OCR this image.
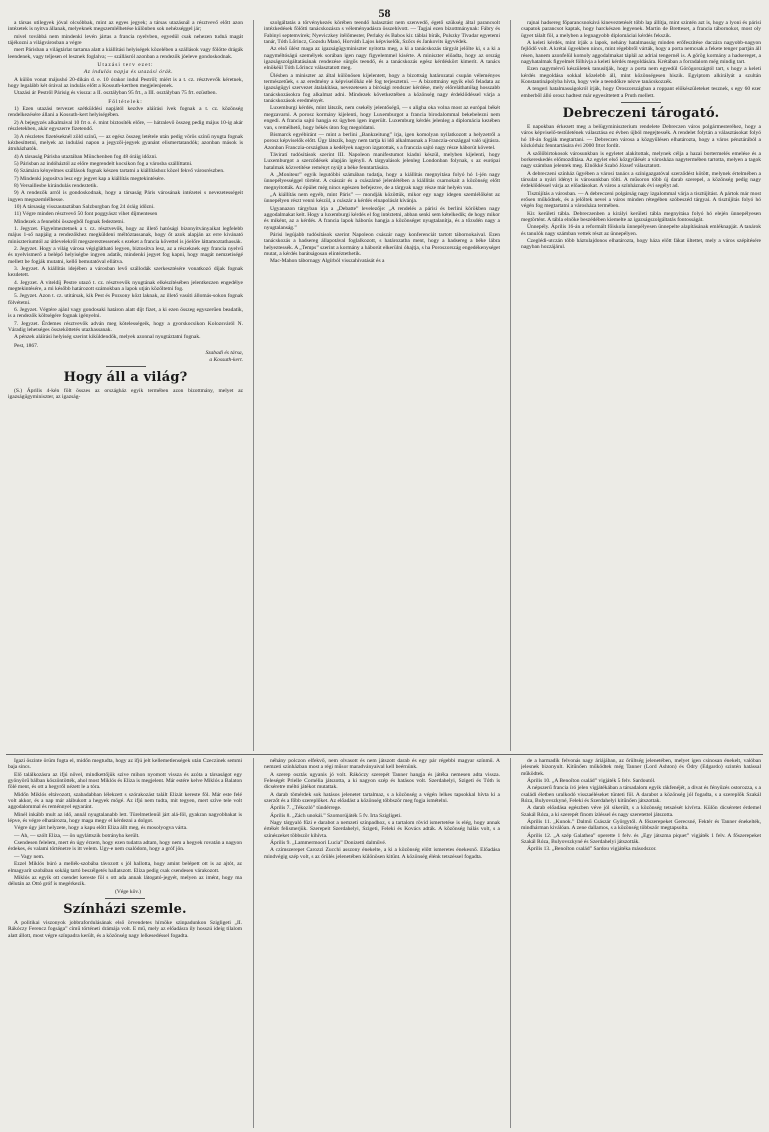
58

a társas utilegyek jóval olcsóbbak, mint az egyes jegyek; a társas utazásnál a résztvevő előtt azon intézetek is nyitva állanak, melyeknek megszemlélhetése különben sok nehézséggel jár;

mivel továbbá nem mindenki levén jártas a francia nyelvben, egyedül csak nehezen tudná magát tájékozni a világvárosban a végre

mert Párisban a világtárlat tartama alatt a kiállítási helyiségek közelében a szállások vagy fölötte drágák leendenek, vagy teljesen el lesznek foglalva; — szállásról azonban a rendezők jóeleve gondoskodnak.

Utazási terv ezet:

Az indulás napja és utazási órák.

A külön vonat májushó 20-dikán d. e. 10 órakor indul Pestről; miért is a t. cz. résztvevők kéretnek, hogy legalább két órával az indulás előtt a Kossuth-kertben megjelenjenek.

Utazási ár Pestről Párisig és vissza: a II. osztályban 95 frt., a III. osztályban 75 frt. ezüstben.

Föltételek:

1) Ezen utazási tervezet szétküldési napjától kezdve aláírási ívek fognak a t. cz. közönség rendelkezésére állani a Kossuth-kert helyiségében.

2) A bejegyzés alkalmával 10 frt o. é. mint biztosíték előre, — hátralevő összeg pedig május 10-ig akár részletekben, akár egyszerre fizetendő.

3) A részletes fizetéseknél zöld színű, — az egész összeg letétele után pedig vörös színű nyugta fognak kézbesíttetni, melyek az indulási napon a jegyzői-jegyek gyanánt elismertatandók; azonban mások is átruházhatók.

4) A társaság Párisba utaztában Münchenben fog 48 óráig időzni.

5) Párisban az indóháztól az előre megrendelt kocsikon fog a városba szállíttatni.

6) Számára kényelmes szállások fognak készen tartatni a kiállításhoz közel fekvő városrészben.

7) Mindenki jogosítva lesz egy jegyet kap a kiállítás megtekintésére.

8) Versaillesbe kirándulás rendeztetik.

9) A rendezők arról is gondoskodnak, hogy a társaság Páris városának intézetei s nevezetességeit ingyen megszemlélhesse.

10) A társaság visszautaztában Salzburgban fog 24 óráig időzni.

11) Végre minden résztvevő 50 font poggyászt vihet díjmentesen

Mindezek a fennebbi összegből fognak fedeztetni.

1. Jegyzet. Figyelmeztetnek a t. cz. résztvevők, hogy az illető hatósági bizonyítványaikat legfelebb május 1-ső napjáig a rendezőkhez megküldeni méltóztassanak, hogy őt azok alapján az erre kivánató miniszteriumtól az útlevelekről megszereztessenek s ezeket a francia követtel is jóelőre láttamoztathassák.

2. Jegyzet. Hogy a világ városa végiglátható legyen, biztosítva lesz, az a részeknek egy francia nyelvű és nyelvismerő a belépő helyiségbe ingyen adatik, mindenki jegyet fog kapni, hogy magát nemzetiségé mellett be fogják mutatni, kellő bemutatóval ellátva.

3. Jegyzet. A kiállítás idejében a városban levő szállodák szerkesztésére vonatkozó díjak fognak kezdetett.

4. Jegyzet. A viteldíj Pestre utazó t. cz. résztvevők nyugtának elkészítésében jelentkezzen engedélye megtekintésére, a mi később határozott számokban a lapok utján közöltetni fog.

5. Jegyzet. Azon t. cz. utitársak, kik Pest és Pozsony közt laknak, az illető vasúti állomás-sokon fognak fölvétetni.

6. Jegyzet. Végtére ajánl vagy gondosaki határon alatt díjt fizet, a ki ezen összeg egyszerűen beadatik, is a rendezők költségére fognak igényelni.

7. Jegyzet. Érdemes résztvevők adván meg kötelességeik, hogy a gyorskocsikon Kolozsváról N. Váradig lehetséges összeköttetés utazhassanak.

A pénzek aláírási helyiség szerint kiküldendők, melyek azonnal nyugtáztatni fognak.

Pest, 1867.

Szabadi és társa,

a Kossuth-kert.

Hogy áll a világ?

(S.) Április 4-kén fölt összes az országház egyik termében azon bizottmány, melyet az igazságügyminiszter, az igazság-

szolgáltatás a törvénykezés körében teendő halasztást nem szenvedő, égető szükség által parancsolt intézkedések fölötti tanácskozásra s véleményadásra összehívott. — Tagjai ezen bizottmánynak: Fábry és Fabinyi septemvirek; Nyeviczkey ítélőmester, Perlaky és Babos kir. táblai bírák, Pulszky Tivadar egyetemi tanár, Tóth Lőrincz, Gozsdu Manó, Horváth Lajos képviselők, Szőcs és Jankovits ügyvédek.

Az első ülést maga az igazságügyminiszter nyitotta meg, a ki a tanácskozás tárgyát jelölte ki, s a ki a nagyméltóságú személyek sorában igen nagy figyelemmel kisérte. A miniszter előadta, hogy az ország igazságszolgáltatásának rendezése sürgős teendő, és a tanácskozás egész kérdéskört kimerít. A tanács elnökéül Tóth Lőrincz választatott meg.

Ülésben a miniszter az által különösen kijelentett, hogy a bizottság határozatai csupán véleményes természetűek, s az eredmény a képviselőház elé fog terjesztetni. — A bizottmány egyik első feladata az igazságügyi szervezet átalakítása, nevezetesen a bírósági rendszer kérdése, mely előreláthatólag hosszabb tanácskozásokra fog alkalmat adni. Mindezek következtében a közönség nagy érdeklődéssel várja a tanácskozások eredményét.

Luxemburgi kérdés, mint látszik, nem csekély jelentőségű, — s aligha oka volna most az európai békét megzavarni. A porosz kormány kijelenti, hogy Luxemburgot a francia birodalommal bekebelezni nem engedi. A francia sajtó hangja ez ügyben igen ingerült. Luxemburg kérdés jelenleg a diplomácia kezében van, s remélhető, hogy békés úton fog megoldatni.

Bismarck egyébiránt — mint a berlini „Bankzeitung” irja, igen komolyan nyilatkozott a helyzetről a porosz képviselők előtt. Úgy látszik, hogy nem tartja ki idő alkalmasnak a Franczia-országgal való ujjtásra. Azonban Franczia-országban a kedélyek nagyon izgatottak, s a franczia sajtó nagy része háborút követel.

Táviratí tudósítások szerint III. Napoleon manifestumot kiadni készül, melyben kijelenti, hogy Luxemburgot a szerződések alapján igényli. A tárgyalások jelenleg Londonban folynak, s az európai hatalmak közvetítése reményt nyújt a béke fenntartására.

A „Moniteur” egyik legutóbbi számában tudatja, hogy a kiállítás megnyitása folyó hó 1-jén nagy ünnepélyességgel történt. A császár és a császárné jelenlétében a kiállítás csarnokait a közönség előtt megnyitották. Az épület még nincs egészen befejezve, de a tárgyak nagy része már helyén van.

„A kiállítás nem egyéb, mint Páris” — mondják közöttük, mikor egy nagy idegen szemlélőként az ünnepélyen részt venni készül, a császár a kérdés elnapolását kívánja.

Ugyanazon tárgyban írja a „Debatte” levelezője: „A rendelés a párisi és berlini körökben nagy aggodalmakat kelt. Hogy a luxemburgi kérdés el fog intéztetni, abban senki sem kételkedik; de hogy mikor és miként, az a kérdés. A francia lapok háborús hangja a közönséget nyugtalanítja, és a tőzsdén nagy a nyugtalanság.”

Párisi legújabb tudósítások szerint Napoleon császár nagy konferenciát tartott tábornokaival. Ezen tanácskozás a hadsereg állapotával foglalkozott, s határozatba ment, hogy a hadsereg a béke lábra helyeztessék. A „Temps” szerint a kormány a háborút elkerülni óhajtja, s ha Poroszország engedékenységet mutat, a kérdés barátságosan elintéztethetik.

Mac-Mahon tábornagy Algírból visszahívatását és a

rajnai hadsereg főparancsnokává kineveztetését több lap állítja, mint szintén azt is, hogy a lyoni és párisi csapatok parancsot kaptak, hogy harckészen legyenek. Martin de Bretteset, a francia tábornokot, most oly ügyet tálalt föl, a melyben a legnagyobb diplomáciai kérdés fekszik.

A keleti kérdés, mint írják a lapok, nehány hatalmasság minden erőfeszítése daczára nagyobb-nagyon fejlődő volt. A krétai ügyekben nincs, mint régebbről várták, hogy a porta nemcsak a fekete tenger partján áll résen, hanem azonfelül komoly aggodalmakat táplál az adriai tengernél is. A görög kormány a hadsereget, a nagyhatalmak figyelmét fölhívja a keleti kérdés megoldására. Krétában a forradalom még mindig tart.

Ezen nagymérvű készületek tanusítják, hogy a porta nem egyedül Görögországtól tart, s hogy a keleti kérdés megoldása sokkal közelebb áll, mint közönségesen hiszik. Egyiptom alkirályát a szultán Konstantinápolyba hívta, hogy vele a teendőkre nézve tanácskozzék.

A tengeri hatalmasságokról írják, hogy Oroszországban a roppant előkészületeket tesznek, s egy 60 ezer emberből álló orosz hadtest már egyesíttetett a Pruth mellett.

Debreczeni tárogató.

E napokban érkezett meg a belügyminiszterium rendelete Debreczen város polgármesteréhez, hogy a város képviselő-testületének választása ez évben újból megejtessék. A rendelet folytán a választásokat folyó hó 18-án fogják megtartani. — Debreczen városa a közgyűlésen elhatározta, hogy a város pénztárából a közkórház fenntartására évi 2000 frtot fordít.

A szőlőbirtokosok városunkban is egyletet alakítottak, melynek célja a hazai bortermelés emelése és a borkereskedés előmozdítása. Az egylet első közgyűlését a városháza nagytermében tartotta, melyen a tagok nagy számban jelentek meg. Elnökké Szabó József választatott.

A debreczeni színház ügyében a városi tanács a színigazgatóval szerződést kötött, melynek értelmében a társulat a nyári idényt is városunkban tölti. A műsoron több új darab szerepel, a közönség pedig nagy érdeklődéssel várja az előadásokat. A város a színháznak évi segélyt ad.

Tisztújítás a városban. — A debreczeni polgárság nagy izgalommal várja a tisztújítást. A pártok már most erősen működnek, és a jelöltek nevei a város minden rétegében szóbeszéd tárgyai. A tisztújítás folyó hó végén fog megtartatni a városháza termében.

Kir. kerületi tábla. Debreczenben a királyi kerületi tábla megnyitása folyó hó elején ünnepélyesen megtörtént. A tábla elnöke beszédében kiemelte az igazságszolgáltatás fontosságát.

Ünnepély. Április 16-án a reformált főiskola ünnepélyesen ünnepelte alapításának emléknapját. A tanárok és tanulók nagy számban vettek részt az ünnepélyen.

Czeglédi-utczán több háztulajdonos elhatározta, hogy háza előtt fákat ültettet, mely a város szépítésére nagyban hozzájárul.

Igazi öszinte örüm fogta el, midőn megtudta, hogy az ifjú jelt kellemetlenségek után Czeczinek semmi baja sincs.

Elő találkozásra az ifjú nővel, mindkettőjük szive mihon nyomott vissza és azóta a társaságot egy gyönyörű bálban köszöntötték, ahol most Miklós és Eliza is megjelent. Már estére kelve Miklós a Balaton fölé ment, és ott a hegyről nézett le a tóra.

Midőn Miklós eltávozott, szabadabban lélekzett s szórakozást talált Elizát kereste föl. Már este felé volt akkor, és a nap már alábukott a hegyek mögé. Az ifjú nem tudta, mit tegyen, mert szíve tele volt aggodalommal és reménnyel egyaránt.

Minél inkább mult az idő, annál nyugtalanabb lett. Türelmetlenül járt alá-föl, gyakran nagyobbakat is lépve, és végre elhatározta, hogy maga megy el kérdezni a dolgot.

Végre úgy járt helyzete, hogy a kapu előtt Eliza állt meg, és mosolyogva várta.

— Ah, — szólt Eliza, — ön ugyláttszik botrányba került.

Csendesen felelem, mert én úgy érzem, hogy ezen tudatra adtam, hogy nem a hegyek rovatán a nagyon érdekes, és valami történetre is itt velem. Ugy-e nem csalódom, hogy a gróf jön.

— Vagy nem.

Ezzel Miklós búró a mellék-szobába távozott s jól hallotta, hogy amint belépett ott is az ajtót, az elmagyarít szobában sokáig tartó beszélgetés hallatszott. Eliza pedig csak csendesen várakozott.

Miklós az egyik ott csendet kereste föl s ott ada annak látogató-jegyét, melyen az imént, hogy ma délután az Ottó gróf is megérkezik.

(Vége köv.)

Színházi szemle.

A politikai viszonyok jobbrafordulásának első örvendetes hírnöke szinpadunkon Szigligeti „II. Rákóczy Ferencz fogsága” című történeti drámája volt. E mű, mely az előadásra ily hosszú ideig tilalom alatt állott, most végre színpadra került, és a közönség nagy lelkesedéssel fogadta.

néhány polczon elfekvő, nem olvasott és nem játszott darab és egy pár régebbi magyar színmű. A nemzeti színházban most a régi műsor maradványaival kell beérnünk.

A szerep osztás ugyanis jó volt. Rákóczy szerepét Tanner hangja és játéka nemesen adta vissza. Feleségét Prielle Cornélia játszotta, a ki nagyon szép és hatásos volt. Szerdahelyi, Szigeti és Tóth is dicséretre méltó játékot mutattak.

A darab tömérdek sok hatásos jelenetet tartalmaz, s a közönség a végén lelkes tapsokkal hívta ki a szerzőt és a főbb szereplőket. Az előadást a közönség többször meg fogja ismételni.

Április 7. „Tékozló” tündérrege.

Április 8. „Zách unokái.” Szomorújáték 5 fv. Irta Szigligeti.

Nagy tárgyaló fűzi e darabot a nemzeti színpadhoz, s a tartalom rövid ismertetése is elég, hogy annak értékét felismerjük. Szerepeit Szerdahelyi, Szigeti, Feleki és Kovács adták. A közönség hálás volt, s a színészeket többször kihívta.

Április 9. „Lammermoori Lucia” Donizetti dalművé.

A czímszerepet Carozzi Zucchi asszony énekelte, a ki a közönség előtt ismeretes énekesnő. Előadása mindvégig szép volt, s az őrülés jelenetében különösen kitűnt. A közönség élénk tetszéssel fogadta.

de a harmadik felvonás nagy áriájában, az őrültség jelenetében, melyet igen csinosan énekelt, valóban jelesnek bizonyult. Kitűnően működtek még Tanner (Lord Ashton) és Ódry (Edgardo) szintén hatással működtek.

Április 10. „A Benoîton család” vigjáték 5 felv. Sardoutól.

A népszerű francia író jelen vigjátékában a társadalom egyik rákfenéjét, a divat és fényűzés ostorozza, s a családi életben uralkodó visszaéléseket tünteti föl. A darabot a közönség jól fogadta, s a szereplők Szakál Róza, Bulyovszkyné, Feleki és Szerdahelyi kitűnően játszottak.

A darab előadása egészben véve jól sikerült, s a közönség tetszését kivívta. Külön dicséretet érdemel Szakál Róza, a ki szerepét finom ízléssel és nagy szeretettel játszotta.

Április 11. „Kunok.” Dalmű Császár Györgytől. A főszerepeket Gerecsné, Fektér és Tanner énekelték, mindhárman kiválóan. A zene dallamos, s a közönség többször megtapsolta.

Április 12. „A szép Galathea” operette 1 felv. és „Egy játszma piquet” vigjáték 1 felv. A főszerepeket Szakál Róza, Bulyovszkyné és Szerdahelyi játszották.

Április 13. „Benoîton család” Sardou vigjátéka másodszor.
